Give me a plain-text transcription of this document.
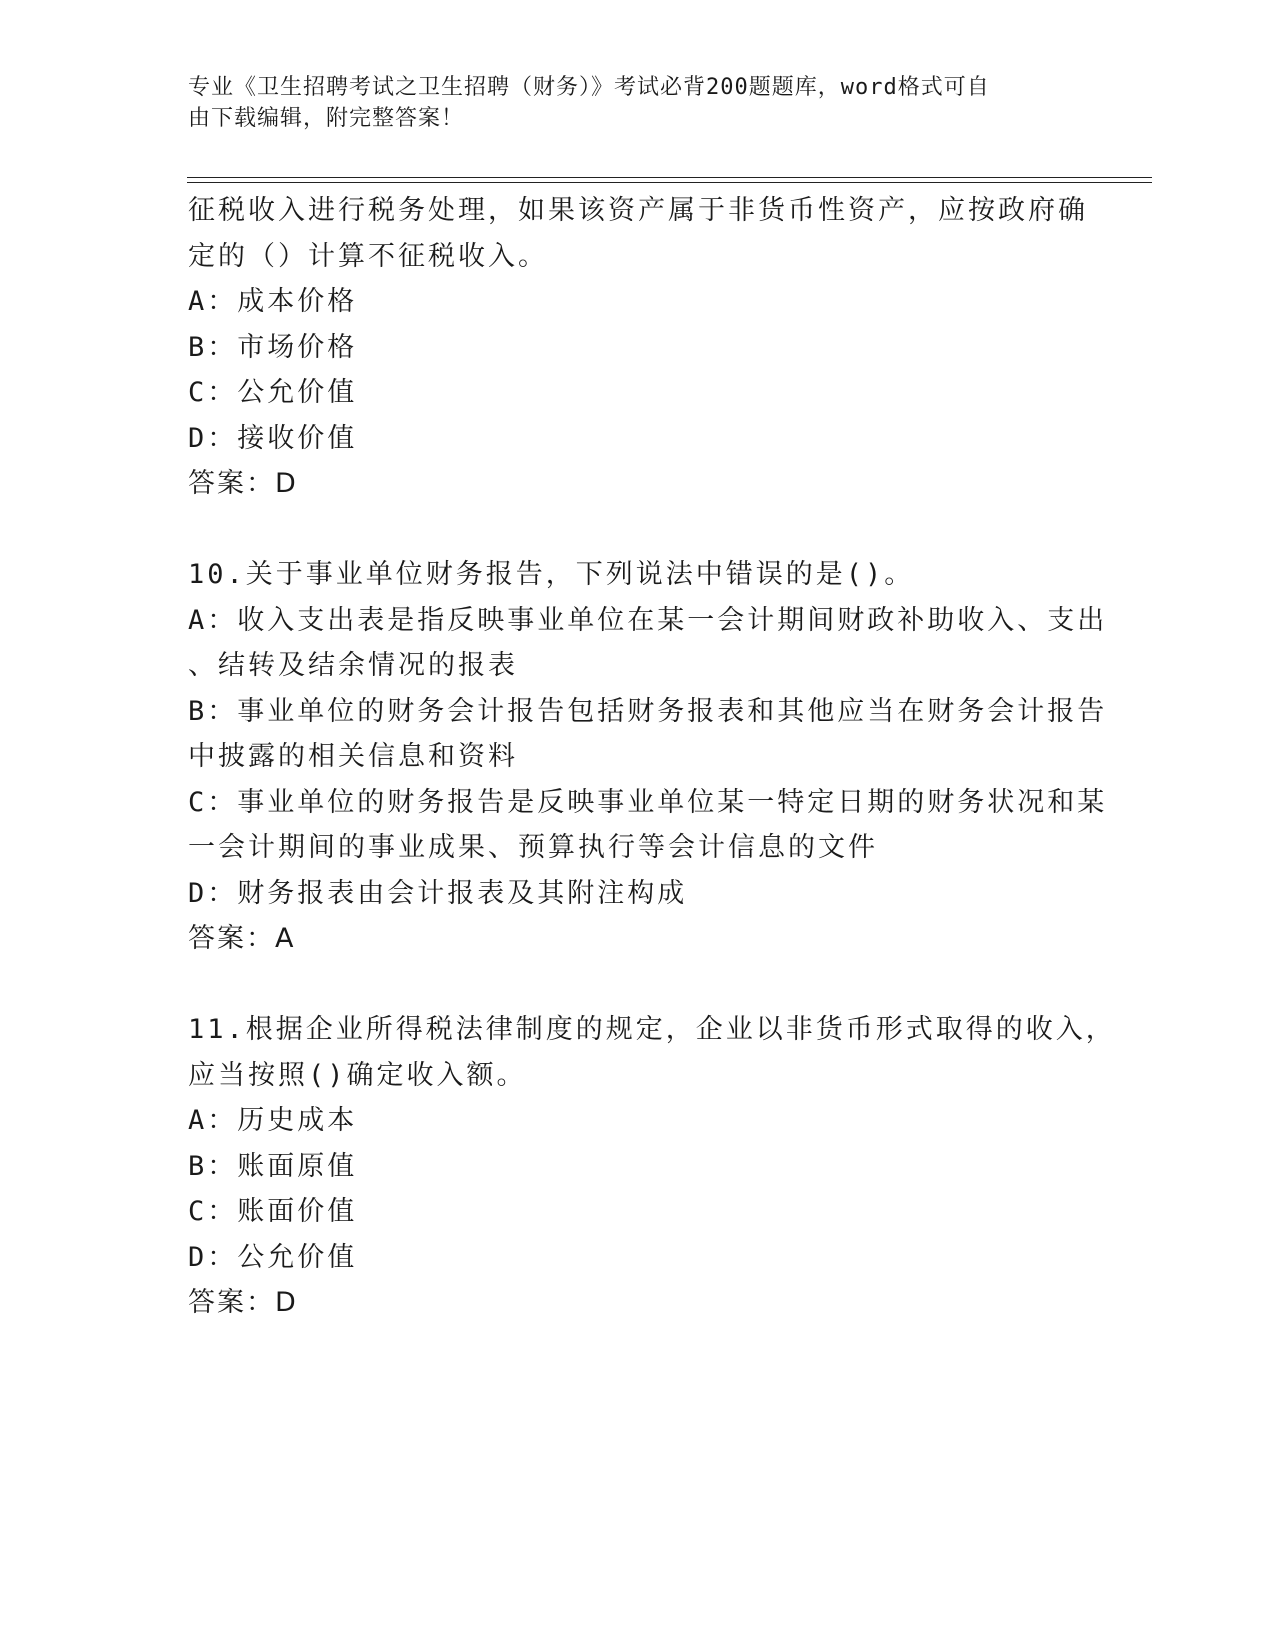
专业《卫生招聘考试之卫生招聘（财务）》考试必背200题题库，word格式可自
由下载编辑，附完整答案！
征税收入进行税务处理，如果该资产属于非货币性资产，应按政府确
定的（）计算不征税收入。
A：成本价格
B：市场价格
C：公允价值
D：接收价值
答案：D
10.关于事业单位财务报告，下列说法中错误的是()。
A：收入支出表是指反映事业单位在某一会计期间财政补助收入、支出
、结转及结余情况的报表
B：事业单位的财务会计报告包括财务报表和其他应当在财务会计报告
中披露的相关信息和资料
C：事业单位的财务报告是反映事业单位某一特定日期的财务状况和某
一会计期间的事业成果、预算执行等会计信息的文件
D：财务报表由会计报表及其附注构成
答案：A
11.根据企业所得税法律制度的规定，企业以非货币形式取得的收入，
应当按照()确定收入额。
A：历史成本
B：账面原值
C：账面价值
D：公允价值
答案：D
